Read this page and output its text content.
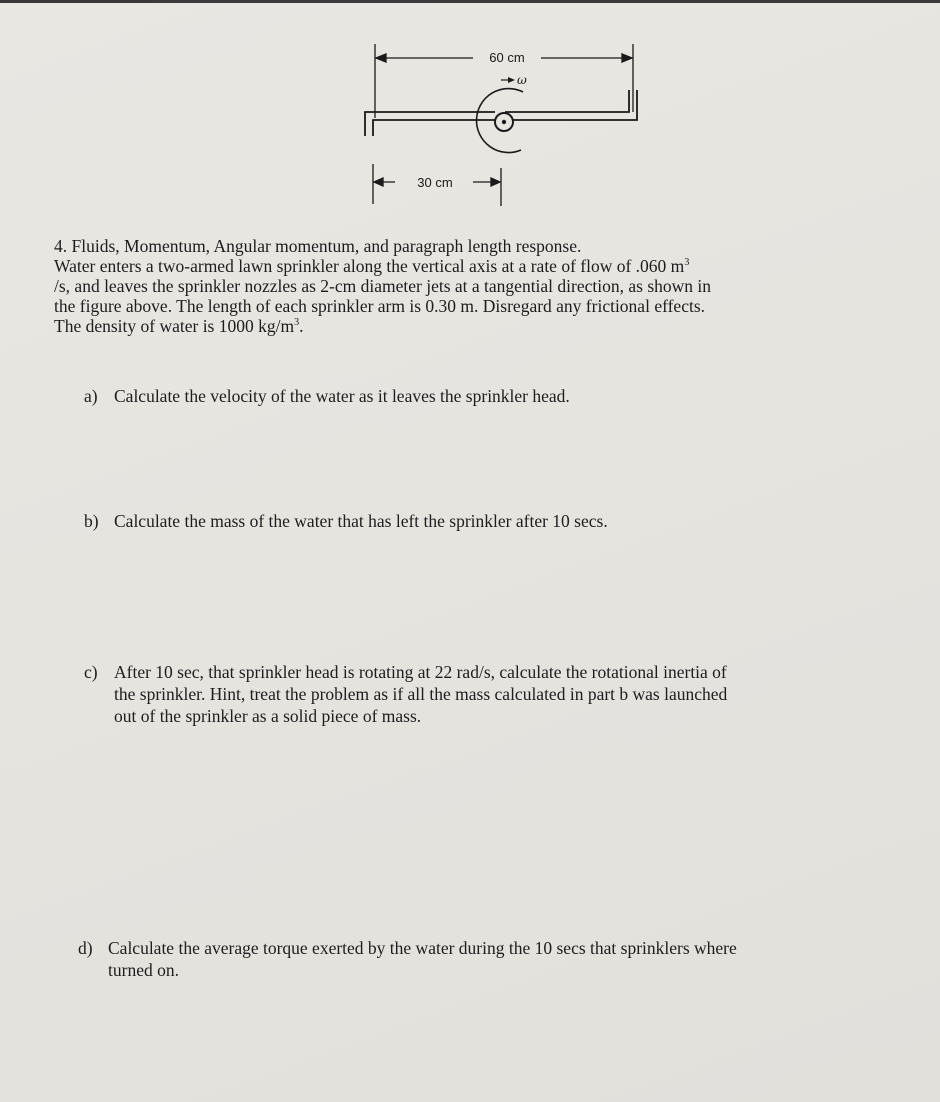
60 cm
ω
30 cm

4. Fluids, Momentum, Angular momentum, and paragraph length response.

Water enters a two-armed lawn sprinkler along the vertical axis at a rate of flow of .060 $m^3$

/s, and leaves the sprinkler nozzles as 2-cm diameter jets at a tangential direction, as shown in

the figure above. The length of each sprinkler arm is 0.30 m. Disregard any frictional effects.

The density of water is 1000 $kg/m^3$.

a) Calculate the velocity of the water as it leaves the sprinkler head.
b) Calculate the mass of the water that has left the sprinkler after 10 secs.
c) After 10 sec, that sprinkler head is rotating at 22 rad/s, calculate the rotational inertia of
the sprinkler. Hint, treat the problem as if all the mass calculated in part b was launched
out of the sprinkler as a solid piece of mass.
d) Calculate the average torque exerted by the water during the 10 secs that sprinklers where
turned on.
